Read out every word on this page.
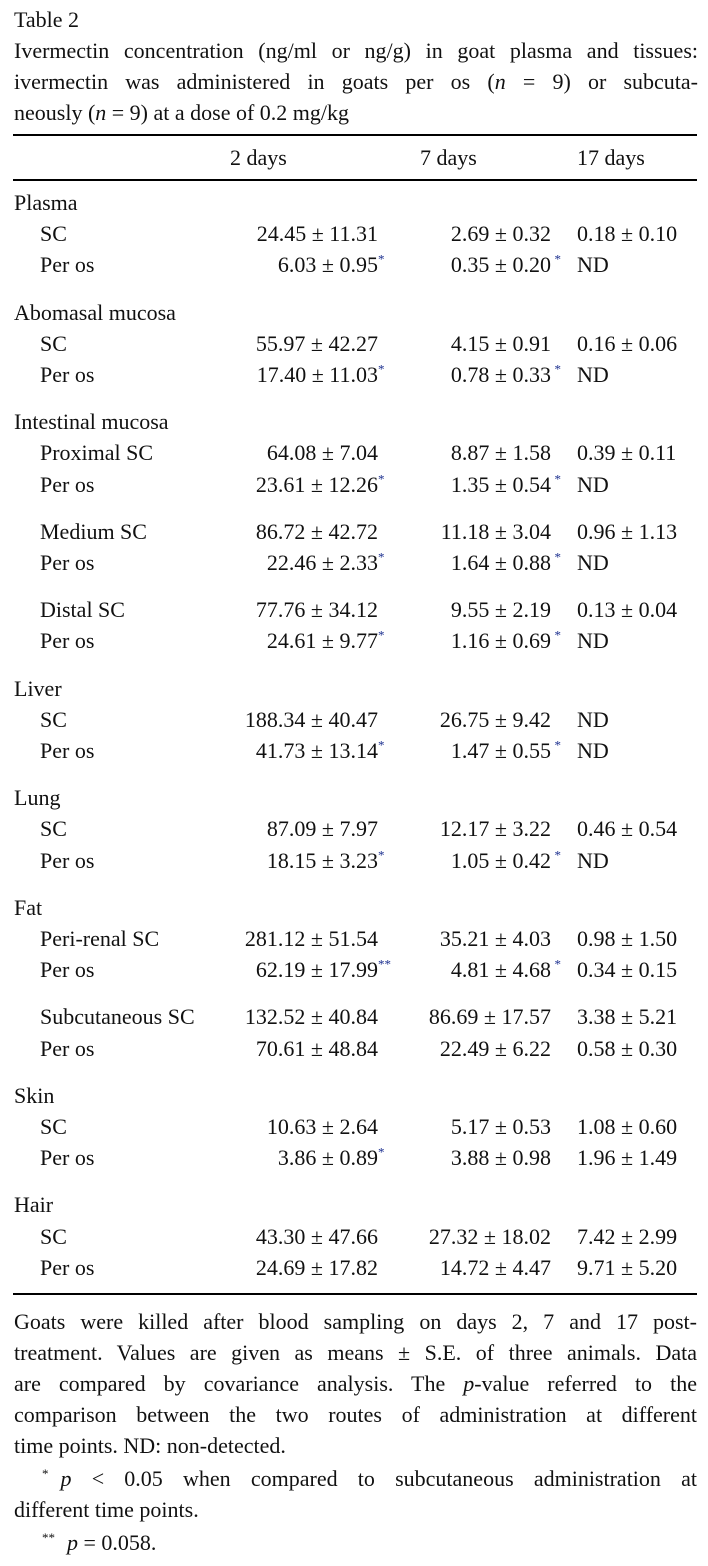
Table 2
Ivermectin concentration (ng/ml or ng/g) in goat plasma and tissues:
ivermectin was administered in goats per os (n = 9) or subcuta-
neously (n = 9) at a dose of 0.2 mg/kg
2 days	7 days	17 days
Plasma
SC	24.45 ± 11.31	2.69 ± 0.32	0.18 ± 0.10
Per os	6.03 ± 0.95*	0.35 ± 0.20 * ND
Abomasal mucosa
SC	55.97 ± 42.27	4.15 ± 0.91	0.16 ± 0.06
Per os	17.40 ± 11.03*	0.78 ± 0.33 * ND
Intestinal mucosa
Proximal SC	64.08 ± 7.04	8.87 ± 1.58	0.39 ± 0.11
Per os	23.61 ± 12.26*	1.35 ± 0.54 * ND
Medium SC	86.72 ± 42.72	11.18 ± 3.04	0.96 ± 1.13
Per os	22.46 ± 2.33*	1.64 ± 0.88 * ND
Distal SC	77.76 ± 34.12	9.55 ± 2.19	0.13 ± 0.04
Per os	24.61 ± 9.77*	1.16 ± 0.69 * ND
Liver
SC	188.34 ± 40.47	26.75 ± 9.42	ND
Per os	41.73 ± 13.14*	1.47 ± 0.55 * ND
Lung
SC	87.09 ± 7.97	12.17 ± 3.22	0.46 ± 0.54
Per os	18.15 ± 3.23*	1.05 ± 0.42 * ND
Fat
Peri-renal SC	281.12 ± 51.54	35.21 ± 4.03	0.98 ± 1.50
Per os	62.19 ± 17.99**	4.81 ± 4.68 * 0.34 ± 0.15
Subcutaneous SC 132.52 ± 40.84	86.69 ± 17.57	3.38 ± 5.21
Per os	70.61 ± 48.84	22.49 ± 6.22	0.58 ± 0.30
Skin
SC	10.63 ± 2.64	5.17 ± 0.53	1.08 ± 0.60
Per os	3.86 ± 0.89*	3.88 ± 0.98	1.96 ± 1.49
Hair
SC	43.30 ± 47.66	27.32 ± 18.02	7.42 ± 2.99
Per os	24.69 ± 17.82	14.72 ± 4.47	9.71 ± 5.20
Goats were killed after blood sampling on days 2, 7 and 17 post-
treatment. Values are given as means ± S.E. of three animals. Data
are compared by covariance analysis. The p-value referred to the
comparison between the two routes of administration at different
time points. ND: non-detected.
* p < 0.05 when compared to subcutaneous administration at
different time points.
** p = 0.058.
